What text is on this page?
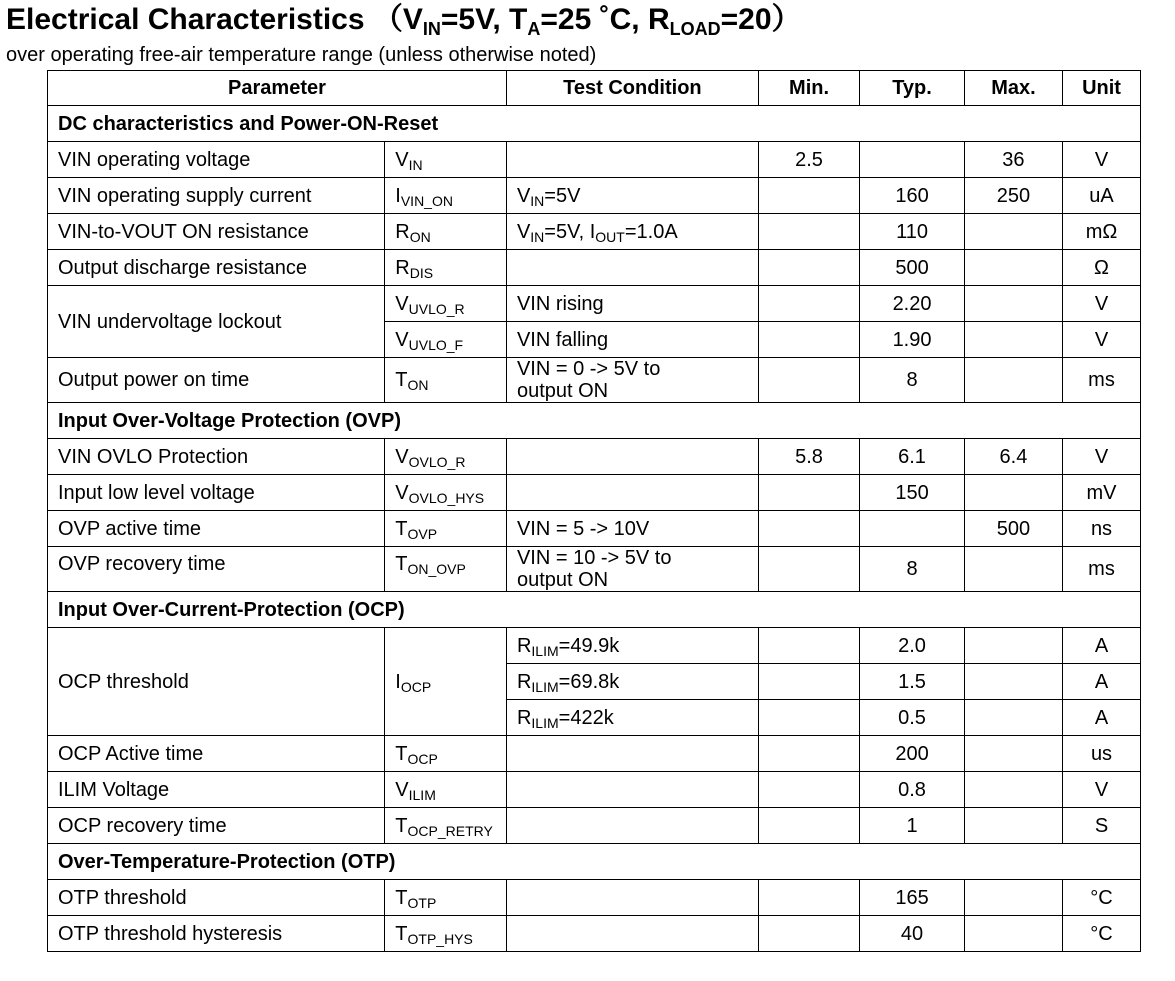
Electrical Characteristics （$V_{IN}=5V$, $T_A=25$ ˚C, $R_{LOAD}=20$）
over operating free-air temperature range (unless otherwise noted)
Parameter		Test Condition	Min.	Typ.	Max.	Unit
DC characteristics and Power-ON-Reset						
VIN operating voltage	$V_{IN}$		2.5		36	V
VIN operating supply current	$I_{VIN\_ON}$	$V_{IN}=5V$		160	250	uA
VIN-to-VOUT ON resistance	$R_{ON}$	$V_{IN}=5V$, $I_{OUT}=1.0A$		110		mΩ
Output discharge resistance	$R_{DIS}$			500		Ω
VIN undervoltage lockout	$V_{UVLO\_R}$	VIN rising		2.20		V
	$V_{UVLO\_F}$	VIN falling		1.90		V
Output power on time	$T_{ON}$	VIN = 0 -> 5V to
output ON		8		ms
Input Over-Voltage Protection (OVP)						
VIN OVLO Protection	$V_{OVLO\_R}$		5.8	6.1	6.4	V
Input low level voltage	$V_{OVLO\_HYS}$			150		mV
OVP active time	$T_{OVP}$	VIN = 5 -> 10V			500	ns
OVP recovery time	$T_{ON\_OVP}$	VIN = 10 -> 5V to
output ON		8		ms
Input Over-Current-Protection (OCP)						
OCP threshold	$I_{OCP}$	$R_{ILIM}=49.9k$		2.0		A
		$R_{ILIM}=69.8k$		1.5		A
		$R_{ILIM}=422k$		0.5		A
OCP Active time	$T_{OCP}$			200		us
ILIM Voltage	$V_{ILIM}$			0.8		V
OCP recovery time	$T_{OCP\_RETRY}$			1		S
Over-Temperature-Protection (OTP)						
OTP threshold	$T_{OTP}$			165		°C
OTP threshold hysteresis	$T_{OTP\_HYS}$			40		°C
